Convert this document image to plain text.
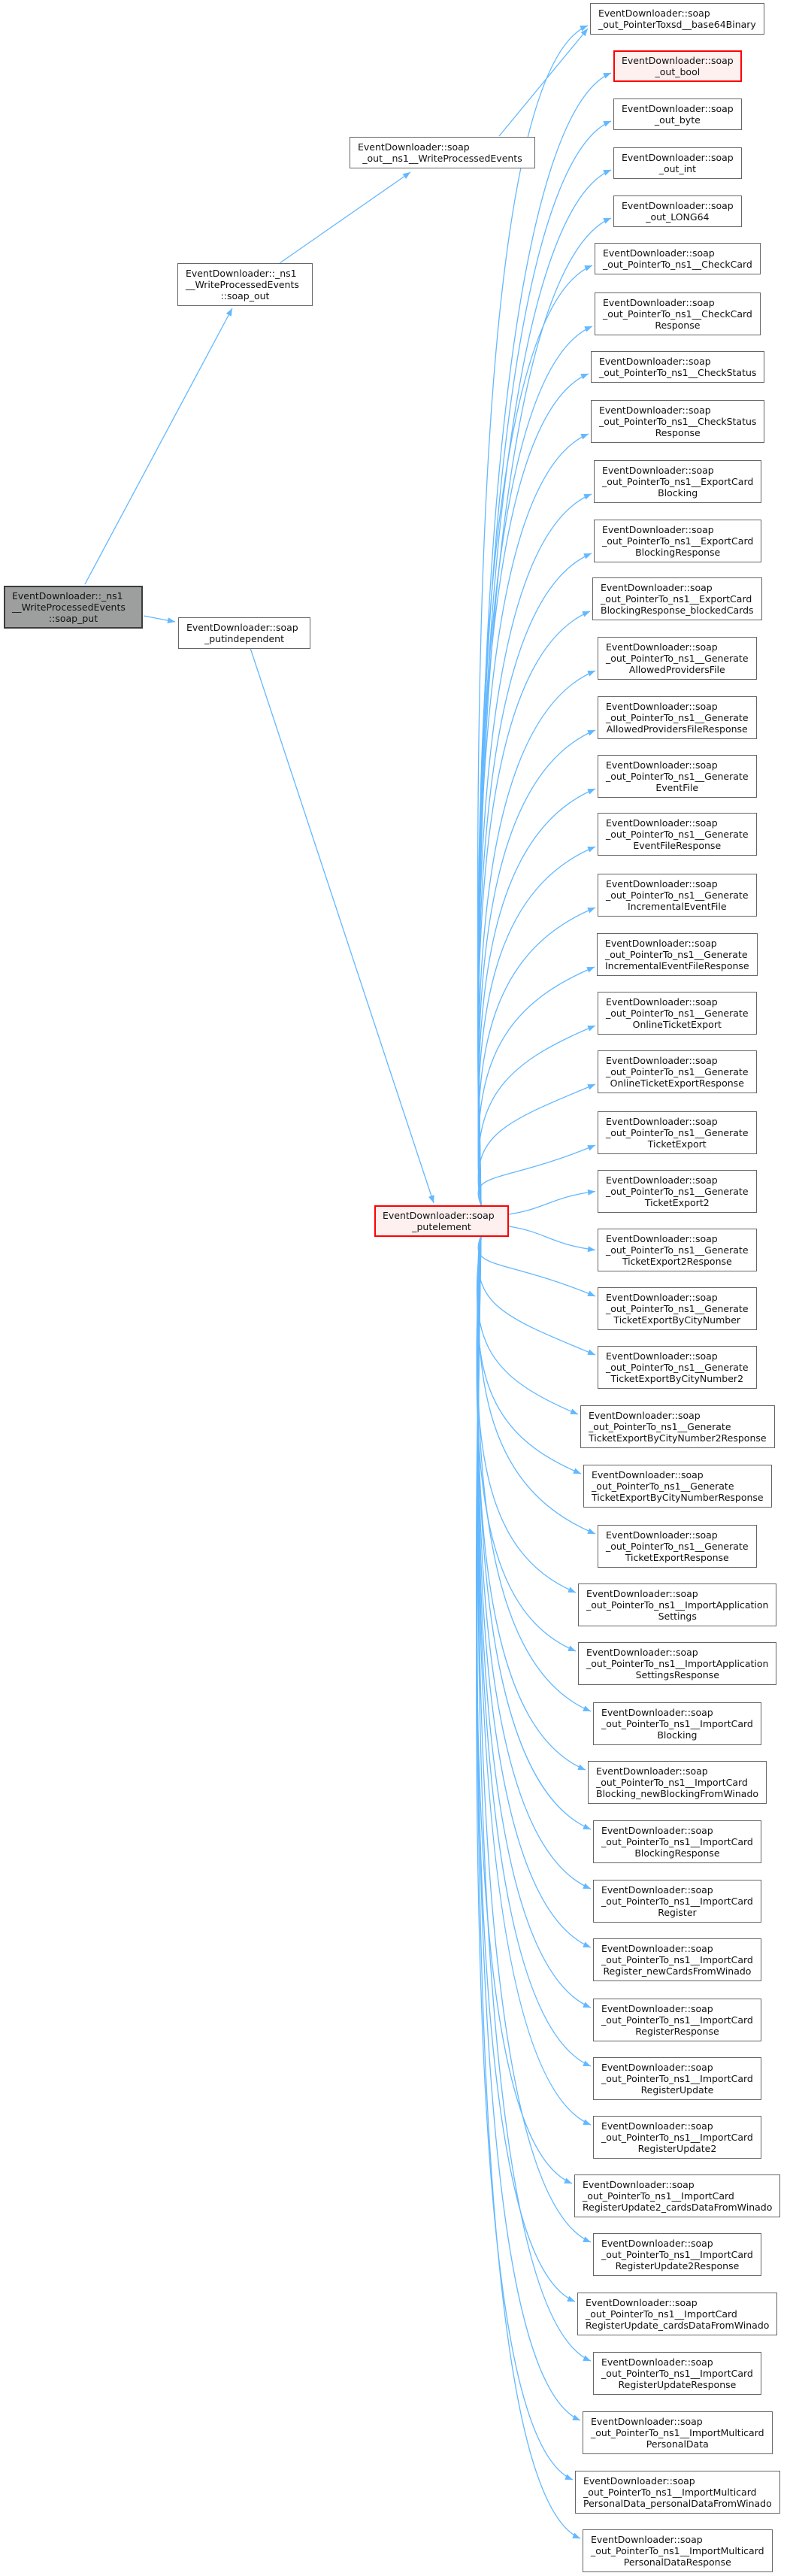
EventDownloader::_ns1
__WriteProcessedEvents
::soap_put
EventDownloader::_ns1
__WriteProcessedEvents
::soap_out
EventDownloader::soap
_out__ns1__WriteProcessedEvents
EventDownloader::soap
_putindependent
EventDownloader::soap
_putelement
EventDownloader::soap
_out_PointerToxsd__base64Binary
EventDownloader::soap
_out_bool
EventDownloader::soap
_out_byte
EventDownloader::soap
_out_int
EventDownloader::soap
_out_LONG64
EventDownloader::soap
_out_PointerTo_ns1__CheckCard
EventDownloader::soap
_out_PointerTo_ns1__CheckCard
Response
EventDownloader::soap
_out_PointerTo_ns1__CheckStatus
EventDownloader::soap
_out_PointerTo_ns1__CheckStatus
Response
EventDownloader::soap
_out_PointerTo_ns1__ExportCard
Blocking
EventDownloader::soap
_out_PointerTo_ns1__ExportCard
BlockingResponse
EventDownloader::soap
_out_PointerTo_ns1__ExportCard
BlockingResponse_blockedCards
EventDownloader::soap
_out_PointerTo_ns1__Generate
AllowedProvidersFile
EventDownloader::soap
_out_PointerTo_ns1__Generate
AllowedProvidersFileResponse
EventDownloader::soap
_out_PointerTo_ns1__Generate
EventFile
EventDownloader::soap
_out_PointerTo_ns1__Generate
EventFileResponse
EventDownloader::soap
_out_PointerTo_ns1__Generate
IncrementalEventFile
EventDownloader::soap
_out_PointerTo_ns1__Generate
IncrementalEventFileResponse
EventDownloader::soap
_out_PointerTo_ns1__Generate
OnlineTicketExport
EventDownloader::soap
_out_PointerTo_ns1__Generate
OnlineTicketExportResponse
EventDownloader::soap
_out_PointerTo_ns1__Generate
TicketExport
EventDownloader::soap
_out_PointerTo_ns1__Generate
TicketExport2
EventDownloader::soap
_out_PointerTo_ns1__Generate
TicketExport2Response
EventDownloader::soap
_out_PointerTo_ns1__Generate
TicketExportByCityNumber
EventDownloader::soap
_out_PointerTo_ns1__Generate
TicketExportByCityNumber2
EventDownloader::soap
_out_PointerTo_ns1__Generate
TicketExportByCityNumber2Response
EventDownloader::soap
_out_PointerTo_ns1__Generate
TicketExportByCityNumberResponse
EventDownloader::soap
_out_PointerTo_ns1__Generate
TicketExportResponse
EventDownloader::soap
_out_PointerTo_ns1__ImportApplication
Settings
EventDownloader::soap
_out_PointerTo_ns1__ImportApplication
SettingsResponse
EventDownloader::soap
_out_PointerTo_ns1__ImportCard
Blocking
EventDownloader::soap
_out_PointerTo_ns1__ImportCard
Blocking_newBlockingFromWinado
EventDownloader::soap
_out_PointerTo_ns1__ImportCard
BlockingResponse
EventDownloader::soap
_out_PointerTo_ns1__ImportCard
Register
EventDownloader::soap
_out_PointerTo_ns1__ImportCard
Register_newCardsFromWinado
EventDownloader::soap
_out_PointerTo_ns1__ImportCard
RegisterResponse
EventDownloader::soap
_out_PointerTo_ns1__ImportCard
RegisterUpdate
EventDownloader::soap
_out_PointerTo_ns1__ImportCard
RegisterUpdate2
EventDownloader::soap
_out_PointerTo_ns1__ImportCard
RegisterUpdate2_cardsDataFromWinado
EventDownloader::soap
_out_PointerTo_ns1__ImportCard
RegisterUpdate2Response
EventDownloader::soap
_out_PointerTo_ns1__ImportCard
RegisterUpdate_cardsDataFromWinado
EventDownloader::soap
_out_PointerTo_ns1__ImportCard
RegisterUpdateResponse
EventDownloader::soap
_out_PointerTo_ns1__ImportMulticard
PersonalData
EventDownloader::soap
_out_PointerTo_ns1__ImportMulticard
PersonalData_personalDataFromWinado
EventDownloader::soap
_out_PointerTo_ns1__ImportMulticard
PersonalDataResponse
